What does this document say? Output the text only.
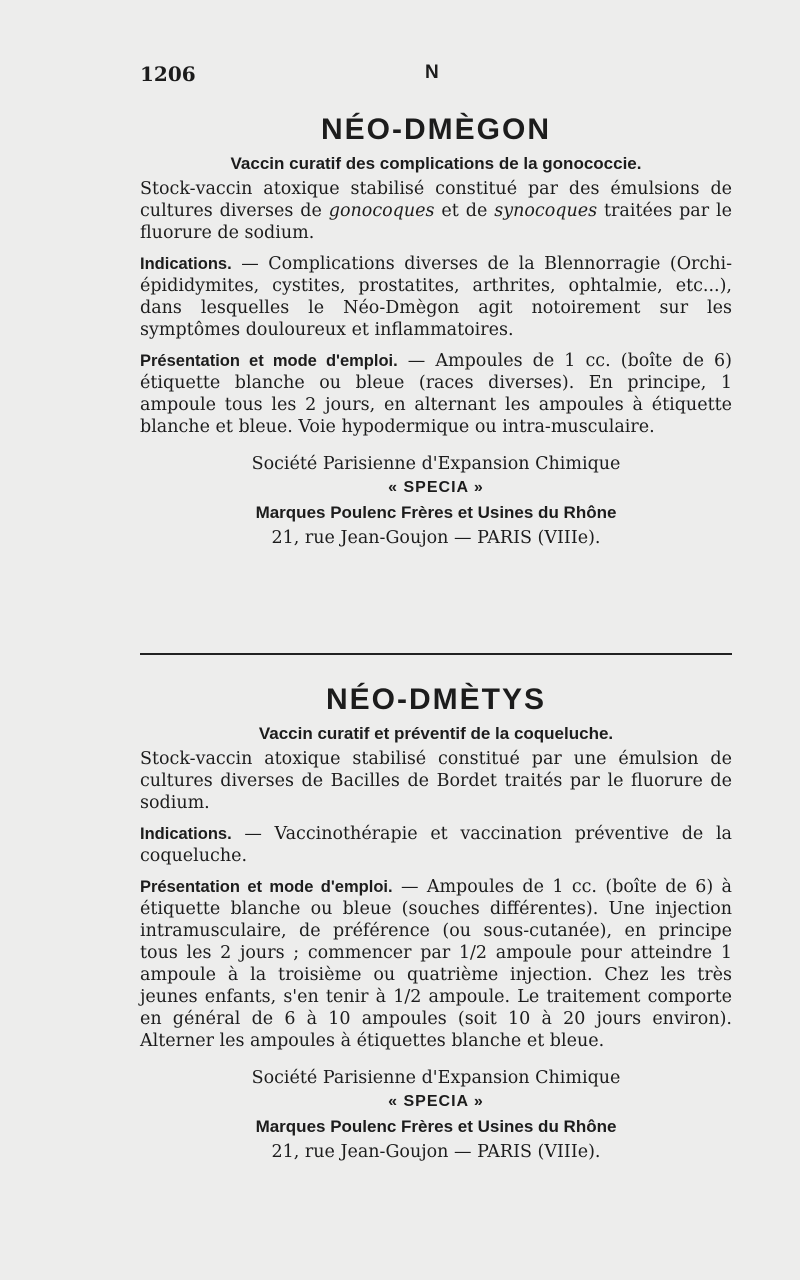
1206	N
NÉO-DMÈGON

Vaccin curatif des complications de la gonococcie.

Stock-vaccin atoxique stabilisé constitué par des émulsions de cultures diverses de gonocoques et de synocoques traitées par le fluorure de sodium.

Indications. — Complications diverses de la Blennorragie (Orchi-épididymites, cystites, prostatites, arthrites, ophtalmie, etc...), dans lesquelles le Néo-Dmègon agit notoirement sur les symptômes douloureux et inflammatoires.

Présentation et mode d'emploi. — Ampoules de 1 cc. (boîte de 6) étiquette blanche ou bleue (races diverses). En principe, 1 ampoule tous les 2 jours, en alternant les ampoules à étiquette blanche et bleue. Voie hypodermique ou intra-musculaire.

Société Parisienne d'Expansion Chimique

« SPECIA »

Marques Poulenc Frères et Usines du Rhône

21, rue Jean-Goujon — PARIS (VIIIe).

NÉO-DMÈTYS

Vaccin curatif et préventif de la coqueluche.

Stock-vaccin atoxique stabilisé constitué par une émulsion de cultures diverses de Bacilles de Bordet traités par le fluorure de sodium.

Indications. — Vaccinothérapie et vaccination préventive de la coqueluche.

Présentation et mode d'emploi. — Ampoules de 1 cc. (boîte de 6) à étiquette blanche ou bleue (souches différentes). Une injection intramusculaire, de préférence (ou sous-cutanée), en principe tous les 2 jours ; commencer par 1/2 ampoule pour atteindre 1 ampoule à la troisième ou quatrième injection. Chez les très jeunes enfants, s'en tenir à 1/2 ampoule. Le traitement comporte en général de 6 à 10 ampoules (soit 10 à 20 jours environ). Alterner les ampoules à étiquettes blanche et bleue.

Société Parisienne d'Expansion Chimique

« SPECIA »

Marques Poulenc Frères et Usines du Rhône

21, rue Jean-Goujon — PARIS (VIIIe).
